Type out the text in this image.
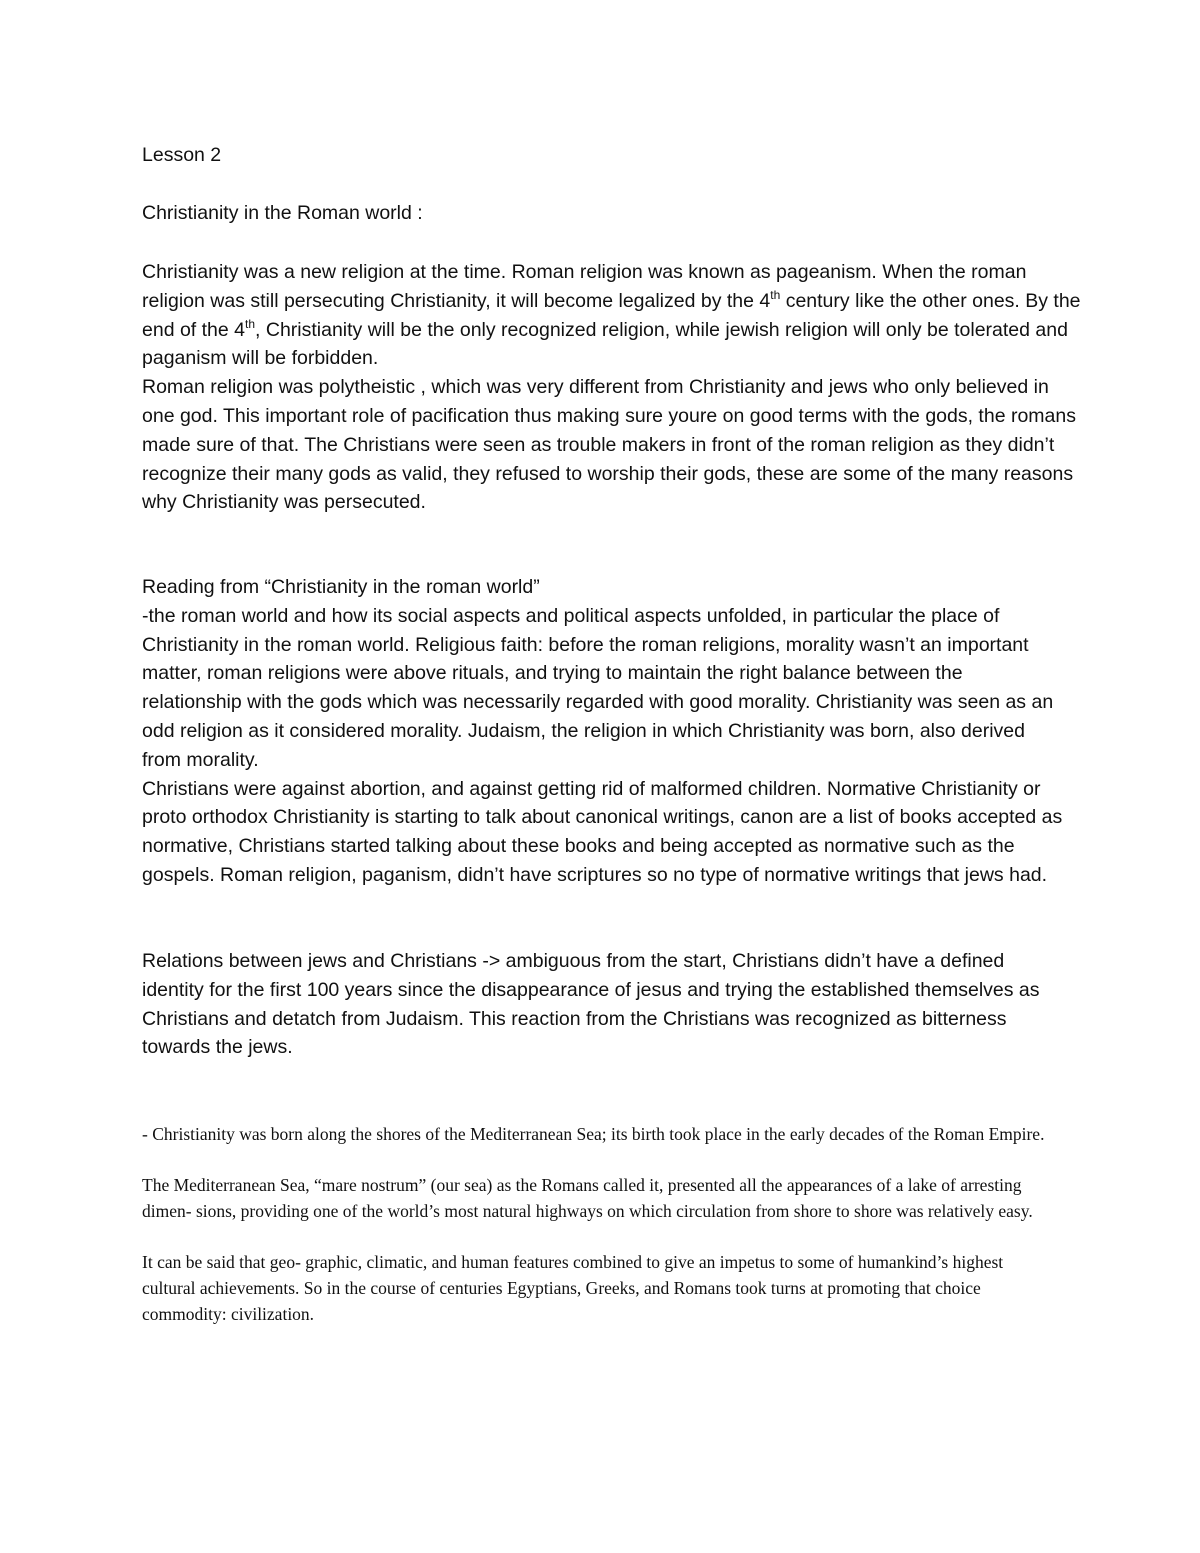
Lesson 2

Christianity in the Roman world :

Christianity was a new religion at the time. Roman religion was known as pageanism. When the roman religion was still persecuting Christianity, it will become legalized by the 4th century like the other ones. By the end of the 4th, Christianity will be the only recognized religion, while jewish religion will only be tolerated and paganism will be forbidden.

Roman religion was polytheistic , which was very different from Christianity and jews who only believed in one god. This important role of pacification thus making sure youre on good terms with the gods, the romans made sure of that. The Christians were seen as trouble makers in front of the roman religion as they didn’t recognize their many gods as valid, they refused to worship their gods, these are some of the many reasons why Christianity was persecuted.

Reading from “Christianity in the roman world”

-the roman world and how its social aspects and political aspects unfolded, in particular the place of Christianity in the roman world. Religious faith: before the roman religions, morality wasn’t an important matter, roman religions were above rituals, and trying to maintain the right balance between the relationship with the gods which was necessarily regarded with good morality. Christianity was seen as an odd religion as it considered morality. Judaism, the religion in which Christianity was born, also derived from morality.

Christians were against abortion, and against getting rid of malformed children. Normative Christianity or proto orthodox Christianity is starting to talk about canonical writings, canon are a list of books accepted as normative, Christians started talking about these books and being accepted as normative such as the gospels. Roman religion, paganism, didn’t have scriptures so no type of normative writings that jews had.

Relations between jews and Christians -> ambiguous from the start, Christians didn’t have a defined identity for the first 100 years since the disappearance of jesus and trying the established themselves as Christians and detatch from Judaism. This reaction from the Christians was recognized as bitterness towards the jews.

- Christianity was born along the shores of the Mediterranean Sea; its birth took place in the early decades of the Roman Empire.

The Mediterranean Sea, “mare nostrum” (our sea) as the Romans called it, presented all the appearances of a lake of arresting dimen- sions, providing one of the world’s most natural highways on which circulation from shore to shore was relatively easy.

It can be said that geo- graphic, climatic, and human features combined to give an impetus to some of humankind’s highest cultural achievements. So in the course of centuries Egyptians, Greeks, and Romans took turns at promoting that choice commodity: civilization.
